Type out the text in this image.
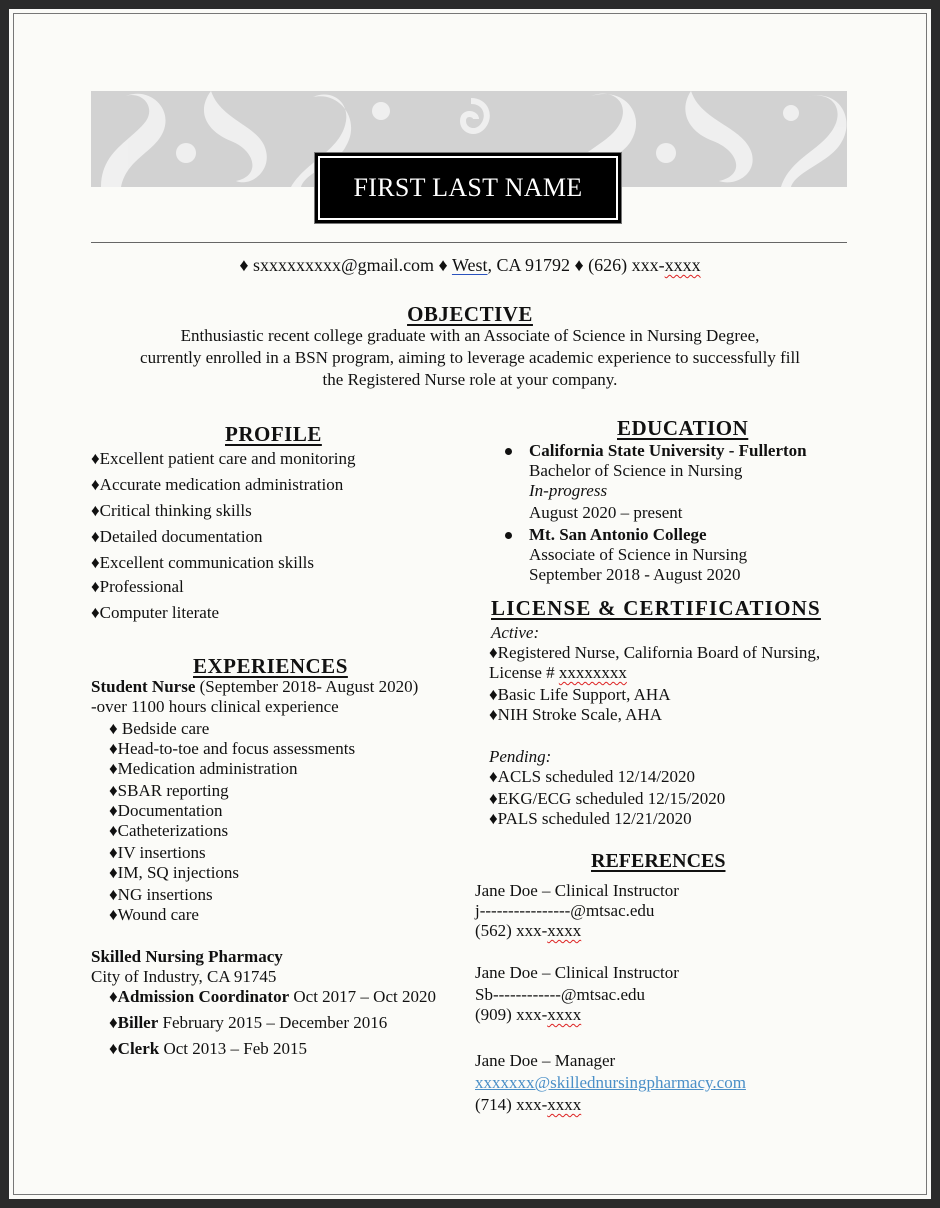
FIRST LAST NAME
♦ sxxxxxxxxx@gmail.com ♦ West, CA 91792 ♦ (626) xxx-xxxx
OBJECTIVE
Enthusiastic recent college graduate with an Associate of Science in Nursing Degree,
currently enrolled in a BSN program, aiming to leverage academic experience to successfully fill
the Registered Nurse role at your company.
PROFILE
♦Excellent patient care and monitoring
♦Accurate medication administration
♦Critical thinking skills
♦Detailed documentation
♦Excellent communication skills
♦Professional
♦Computer literate
EXPERIENCES
Student Nurse (September 2018- August 2020)
-over 1100 hours clinical experience
♦ Bedside care
♦Head-to-toe and focus assessments
♦Medication administration
♦SBAR reporting
♦Documentation
♦Catheterizations
♦IV insertions
♦IM, SQ injections
♦NG insertions
♦Wound care
Skilled Nursing Pharmacy
City of Industry, CA 91745
♦Admission Coordinator Oct 2017 – Oct 2020
♦Biller February 2015 – December 2016
♦Clerk Oct 2013 – Feb 2015
EDUCATION
California State University - Fullerton
Bachelor of Science in Nursing
In-progress
August 2020 – present
Mt. San Antonio College
Associate of Science in Nursing
September 2018 - August 2020
LICENSE & CERTIFICATIONS
Active:
♦Registered Nurse, California Board of Nursing,
License # xxxxxxxx
♦Basic Life Support, AHA
♦NIH Stroke Scale, AHA
Pending:
♦ACLS scheduled 12/14/2020
♦EKG/ECG scheduled 12/15/2020
♦PALS scheduled 12/21/2020
REFERENCES
Jane Doe – Clinical Instructor
j----------------@mtsac.edu
(562) xxx-xxxx
Jane Doe – Clinical Instructor
Sb------------@mtsac.edu
(909) xxx-xxxx
Jane Doe – Manager
xxxxxxx@skillednursingpharmacy.com
(714) xxx-xxxx
